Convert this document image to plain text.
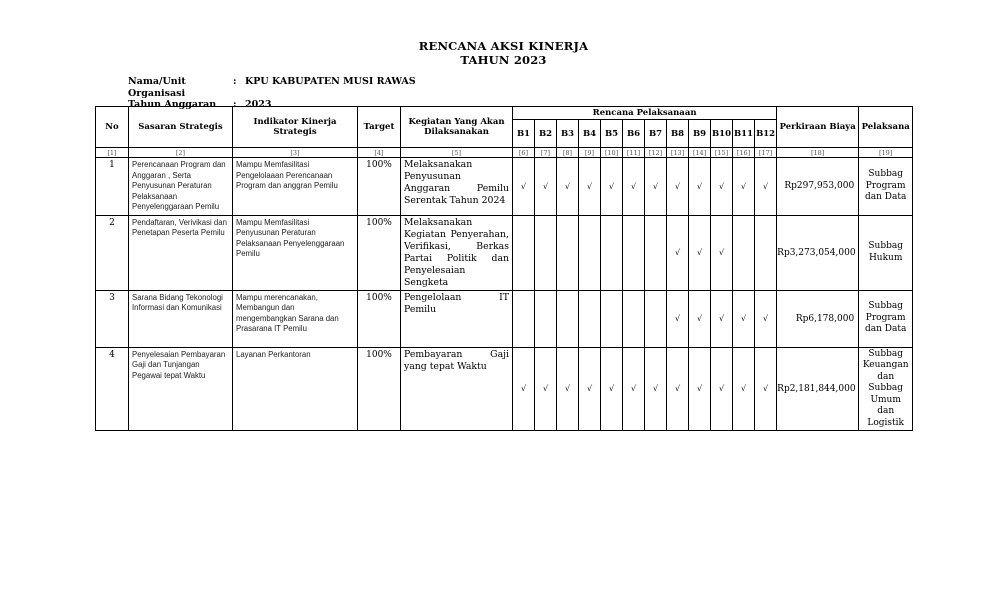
RENCANA AKSI KINERJA
TAHUN 2023
Nama/Unit Organisasi
: KPU KABUPATEN MUSI RAWAS
Tahun Anggaran	: 2023
No	Sasaran Strategis	Indikator Kinerja Strategis	Target	Kegiatan Yang Akan Dilaksanakan	Rencana Pelaksanaan												Perkiraan Biaya	Pelaksana
					B1	B2	B3	B4	B5	B6	B7	B8	B9	B10	B11	B12		
[1]	[2]	[3]	[4]	[5]	[6]	[7]	[8]	[9]	[10]	[11]	[12]	[13]	[14]	[15]	[16]	[17]	[18]	[19]
1	Perencanaan Program dan Anggaran , Serta Penyusunan Peraturan Pelaksanaan Penyelenggaraan Pemilu	Mampu Memfasilitasi Pengelolaaan Perencanaan Program dan anggran Pemilu	100%	Melaksanakan Penyusunan Anggaran Pemilu Serentak Tahun 2024	√	√	√	√	√	√	√	√	√	√	√	√	Rp297,953,000	Subbag Program dan Data
2	Pendaftaran, Verivikasi dan Penetapan Peserta Pemilu	Mampu Memfasilitasi Penyusunan Peraturan Pelaksanaan Penyelenggaraan Pemilu	100%	Melaksanakan Kegiatan Penyerahan, Verifikasi, Berkas Partai Politik dan Penyelesaian Sengketa								√	√	√			Rp3,273,054,000	Subbag Hukum
3	Sarana Bidang Tekonologi Informasi dan Komunikasi	Mampu merencanakan, Membangun dan mengembangkan Sarana dan Prasarana IT Pemilu	100%	Pengelolaan IT Pemilu								√	√	√	√	√	Rp6,178,000	Subbag Program dan Data
4	Penyelesaian Pembayaran Gaji dan Tunjangan Pegawai tepat Waktu	Layanan Perkantoran	100%	Pembayaran Gaji yang tepat Waktu	√	√	√	√	√	√	√	√	√	√	√	√	Rp2,181,844,000	Subbag Keuangan dan Subbag Umum dan Logistik
